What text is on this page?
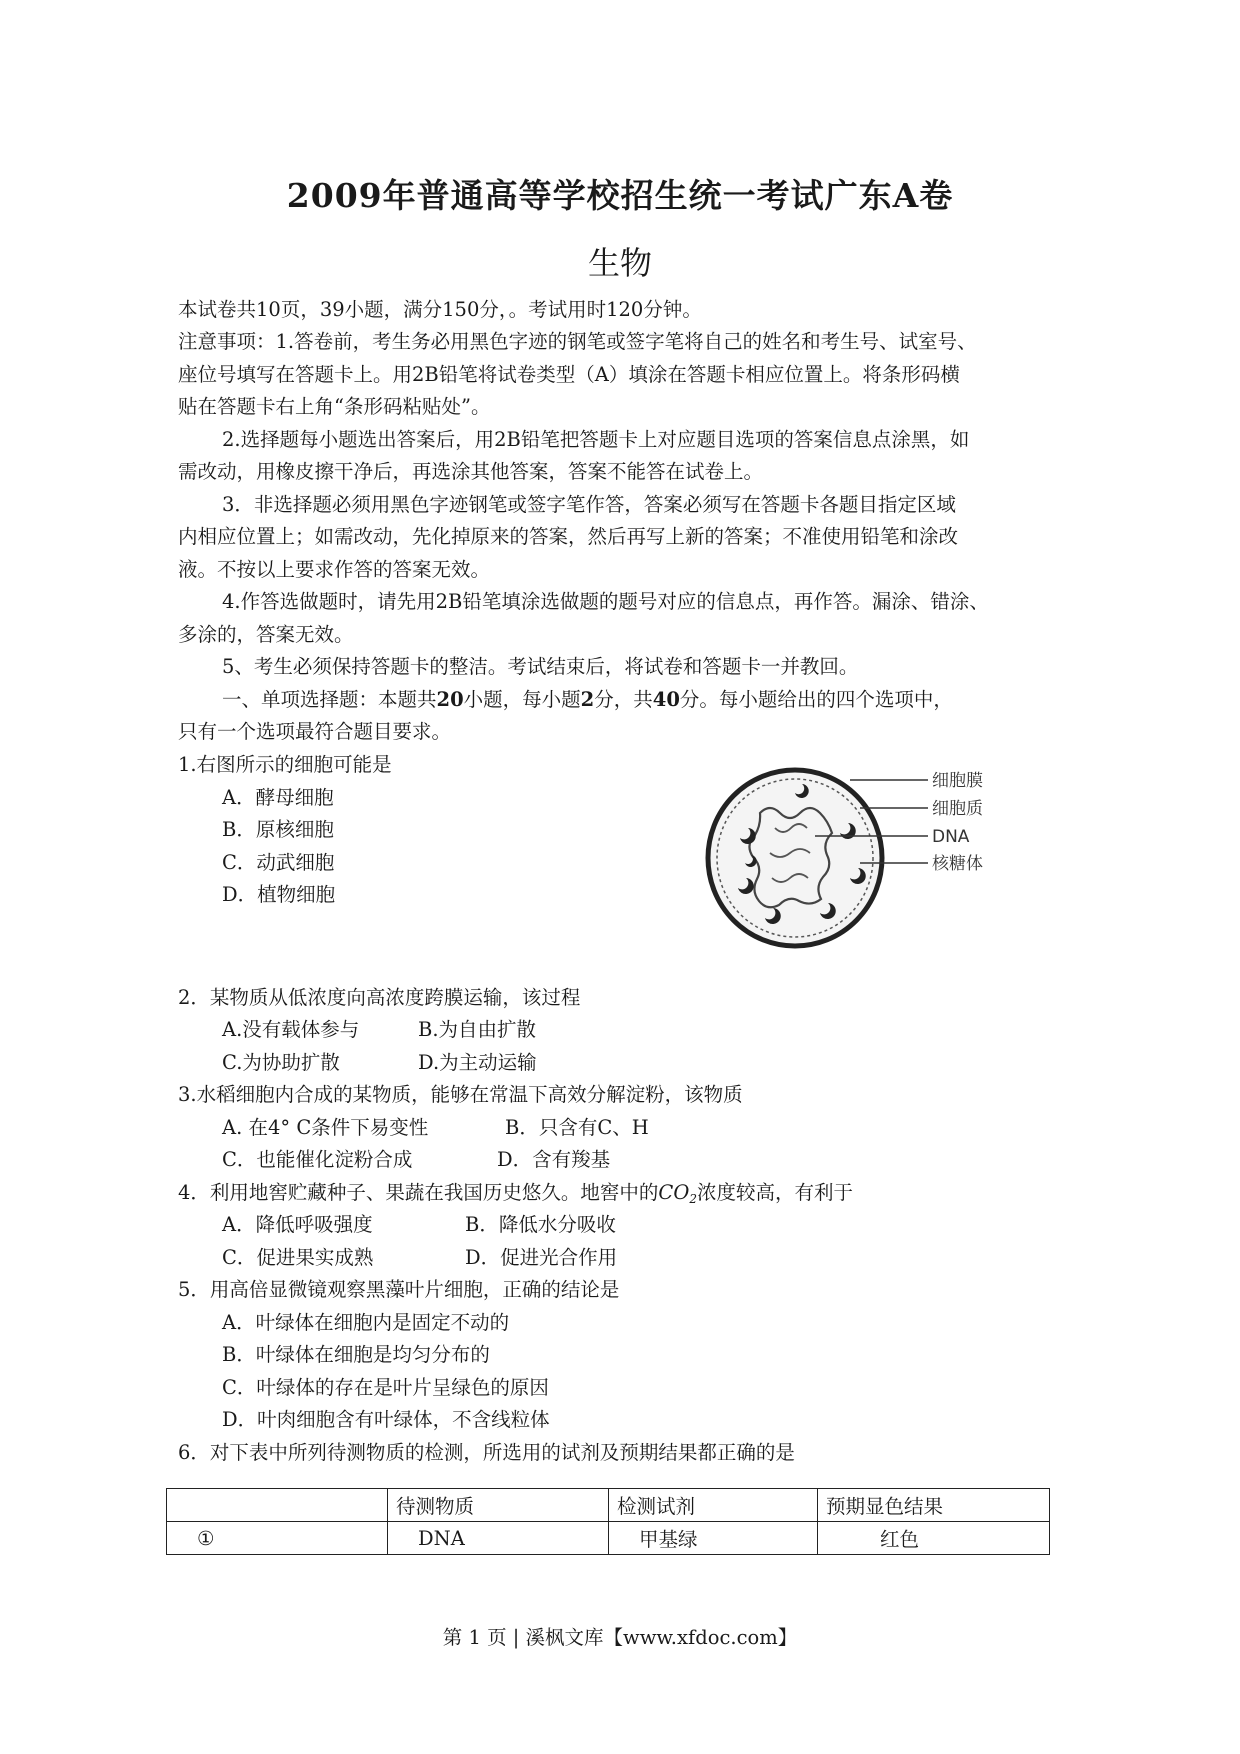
2009年普通高等学校招生统一考试广东A卷
生物
本试卷共10页，39小题，满分150分，。考试用时120分钟。
注意事项：1.答卷前，考生务必用黑色字迹的钢笔或签字笔将自己的姓名和考生号、试室号、
座位号填写在答题卡上。用2B铅笔将试卷类型（A）填涂在答题卡相应位置上。将条形码横
贴在答题卡右上角“条形码粘贴处”。
2.选择题每小题选出答案后，用2B铅笔把答题卡上对应题目选项的答案信息点涂黑，如
需改动，用橡皮擦干净后，再选涂其他答案，答案不能答在试卷上。
3．非选择题必须用黑色字迹钢笔或签字笔作答，答案必须写在答题卡各题目指定区域
内相应位置上；如需改动，先化掉原来的答案，然后再写上新的答案；不准使用铅笔和涂改
液。不按以上要求作答的答案无效。
4.作答选做题时，请先用2B铅笔填涂选做题的题号对应的信息点，再作答。漏涂、错涂、
多涂的，答案无效。
5、考生必须保持答题卡的整洁。考试结束后，将试卷和答题卡一并教回。
一、单项选择题：本题共20小题，每小题2分，共40分。每小题给出的四个选项中，
只有一个选项最符合题目要求。
1.右图所示的细胞可能是
A．酵母细胞
B．原核细胞
C．动武细胞
D．植物细胞
细胞膜
细胞质
DNA
核糖体
2．某物质从低浓度向高浓度跨膜运输，该过程
A.没有载体参与	B.为自由扩散
C.为协助扩散	D.为主动运输
3.水稻细胞内合成的某物质，能够在常温下高效分解淀粉，该物质
A. 在4° C条件下易变性	B．只含有C、H
C．也能催化淀粉合成	D．含有羧基
4．利用地窖贮藏种子、果蔬在我国历史悠久。地窖中的$CO_2$浓度较高，有利于
A．降低呼吸强度	B．降低水分吸收
C．促进果实成熟	D．促进光合作用
5．用高倍显微镜观察黑藻叶片细胞，正确的结论是
A．叶绿体在细胞内是固定不动的
B．叶绿体在细胞是均匀分布的
C．叶绿体的存在是叶片呈绿色的原因
D．叶肉细胞含有叶绿体，不含线粒体
6．对下表中所列待测物质的检测，所选用的试剂及预期结果都正确的是
	待测物质	检测试剂	预期显色结果
①	DNA	甲基绿	红色
第 1 页 | 溪枫文库【www.xfdoc.com】
